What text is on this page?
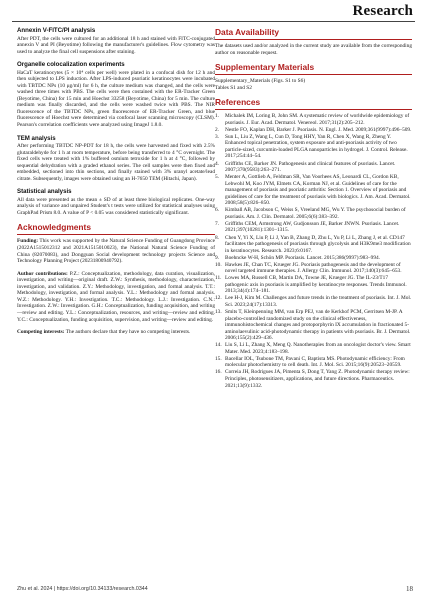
Research
Annexin V-FITC/PI analysis

After PDT, the cells were cultured for an additional 18 h and stained with FITC-conjugated annexin V and PI (Beyotime) following the manufacturer's guidelines. Flow cytometry was used to analyze the final cell suspensions after staining.

Organelle colocalization experiments

HaCaT keratinocytes (5 × 10⁴ cells per well) were plated in a confocal dish for 12 h and then subjected to LPS induction. After LPS-induced psoriatic keratinocytes were incubated with TBTDC NPs (10 μg/ml) for 6 h, the culture medium was changed, and the cells were washed three times with PBS. The cells were then costained with the ER-Tracker Green (Beyotime, China) for 15 min and Hoechst 33258 (Beyotime, China) for 5 min. The culture medium was finally discarded, and the cells were washed twice with PBS. The NIR fluorescence of the TBTDC NPs, green fluorescence of ER-Tracker Green, and blue fluorescence of Hoechst were determined via confocal laser scanning microscopy (CLSM). Pearson's correlation coefficients were analyzed using ImageJ 1.8.0.

TEM analysis

After performing TBTDC NP-PDT for 18 h, the cells were harvested and fixed with 2.5% glutaraldehyde for 1 h at room temperature, before being transferred to 4 °C overnight. The fixed cells were treated with 1% buffered osmium tetroxide for 1 h at 4 °C, followed by sequential dehydration with a graded ethanol series. The cell samples were then fixed and embedded, sectioned into thin sections, and finally stained with 3% uranyl acetate/lead citrate. Subsequently, images were obtained using an H-7650 TEM (Hitachi, Japan).

Statistical analysis

All data were presented as the mean ± SD of at least three biological replicates. One-way analysis of variance and unpaired Student's t tests were utilized for statistical analyses using GraphPad Prism 8.0. A value of P < 0.05 was considered statistically significant.

Acknowledgments

Funding: This work was supported by the Natural Science Funding of Guangdong Province (2022A1515012312 and 2021A1515010023), the National Natural Science Funding of China (82070083), and Dongguan Social development technology projects Science and Technology Planning Project (20231800940792).

Author contributions: P.Z.: Conceptualization, methodology, data curation, visualization, investigation, and writing—original draft. Z.W.: Synthesis, methodology, characterization, investigation, and validation. Z.Y.: Methodology, investigation, and formal analysis. T.T.: Methodology, investigation, and formal analysis. Y.L.: Methodology and formal analysis. W.Z.: Methodology. Y.H.: Investigation. T.C.: Methodology. L.J.: Investigation. C.N.: Investigation. Z.W.: Investigation. G.H.: Conceptualization, funding acquisition, and writing—review and editing. Y.L.: Conceptualization, resources, and writing—review and editing. Y.C.: Conceptualization, funding acquisition, supervision, and writing—review and editing.

Competing interests: The authors declare that they have no competing interests.

Data Availability

The datasets used and/or analyzed in the current study are available from the corresponding author on reasonable request.

Supplementary Materials
Supplementary_Materials (Figs. S1 to S6)
Tables S1 and S2
References
1.	Michalek IM, Loring B, John SM. A systematic review of worldwide epidemiology of psoriasis. J. Eur. Acad. Dermatol. Venereol. 2017;31(2):205–212.
2.	Nestle FO, Kaplan DH, Barker J. Psoriasis. N. Engl. J. Med. 2009;361(9997):496–509.
3.	Sun L, Liu Z, Wang L, Cun D, Tong HHY, Yan R, Chen X, Wang R, Zheng Y. Enhanced topical penetration, system exposure and anti-psoriasis activity of two particle-sized, curcumin-loaded PLGA nanoparticles in hydrogel. J. Control. Release. 2017;254:44–54.
4.	Griffiths CE, Barker JN. Pathogenesis and clinical features of psoriasis. Lancet. 2007;370(9583):263–271.
5.	Menter A, Gottlieb A, Feldman SR, Van Voorhees AS, Leonardi CL, Gordon KB, Lebwohl M, Koo JYM, Elmets CA, Korman NJ, et al. Guidelines of care for the management of psoriasis and psoriatic arthritis: Section 1. Overview of psoriasis and guidelines of care for the treatment of psoriasis with biologics. J. Am. Acad. Dermatol. 2008;58(5):826–850.
6.	Kimball AB, Jacobson C, Weiss S, Vreeland MG, Wu Y. The psychosocial burden of psoriasis. Am. J. Clin. Dermatol. 2005;6(6):383–392.
7.	Griffiths CEM, Armstrong AW, Gudjonsson JE, Barker JNWN. Psoriasis. Lancet. 2021;397(10281):1301–1315.
8.	Chen Y, Yi X, Liu P, Li J, Yan B, Zhang D, Zhu L, Yu P, Li L, Zhang J, et al. CD147 facilitates the pathogenesis of psoriasis through glycolysis and H3K9me3 modification in keratinocytes. Research. 2023;6:0167.
9.	Boehncke W-H, Schön MP. Psoriasis. Lancet. 2015;386(9997):983–994.
10. Hawkes JE, Chan TC, Krueger JG. Psoriasis pathogenesis and the development of novel targeted immune therapies. J. Allergy Clin. Immunol. 2017;140(3):645–653.
11. Lowes MA, Russell CB, Martin DA, Towne JE, Krueger JG. The IL-23/T17 pathogenic axis in psoriasis is amplified by keratinocyte responses. Trends Immunol. 2013;34(4):174–181.
12. Lee H-J, Kim M. Challenges and future trends in the treatment of psoriasis. Int. J. Mol. Sci. 2023;24(17):13313.
13. Smits T, Kleinpenning MM, van Erp PEJ, van de Kerkhof PCM, Gerritsen M-JP. A placebo-controlled randomized study on the clinical effectiveness, immunohistochemical changes and protoporphyrin IX accumulation in fractionated 5-aminolaevulinic acid-photodynamic therapy in patients with psoriasis. Br. J. Dermatol. 2006;155(2):429–436.
14. Liu S, Li L, Zhang X, Meng Q. Nanotherapies from an oncologist doctor's view. Smart Mater. Med. 2023;4:183–198.
15. Bacellar IOL, Tsubone TM, Pavani C, Baptista MS. Photodynamic efficiency: From molecular photochemistry to cell death. Int. J. Mol. Sci. 2015;16(9):20523–20559.
16. Correia JH, Rodrigues JA, Pimenta S, Dong T, Yang Z. Photodynamic therapy review: Principles, photosensitizers, applications, and future directions. Pharmaceutics. 2021;13(9):1332.
Zhu et al. 2024 | https://doi.org/10.34133/research.0344	18
